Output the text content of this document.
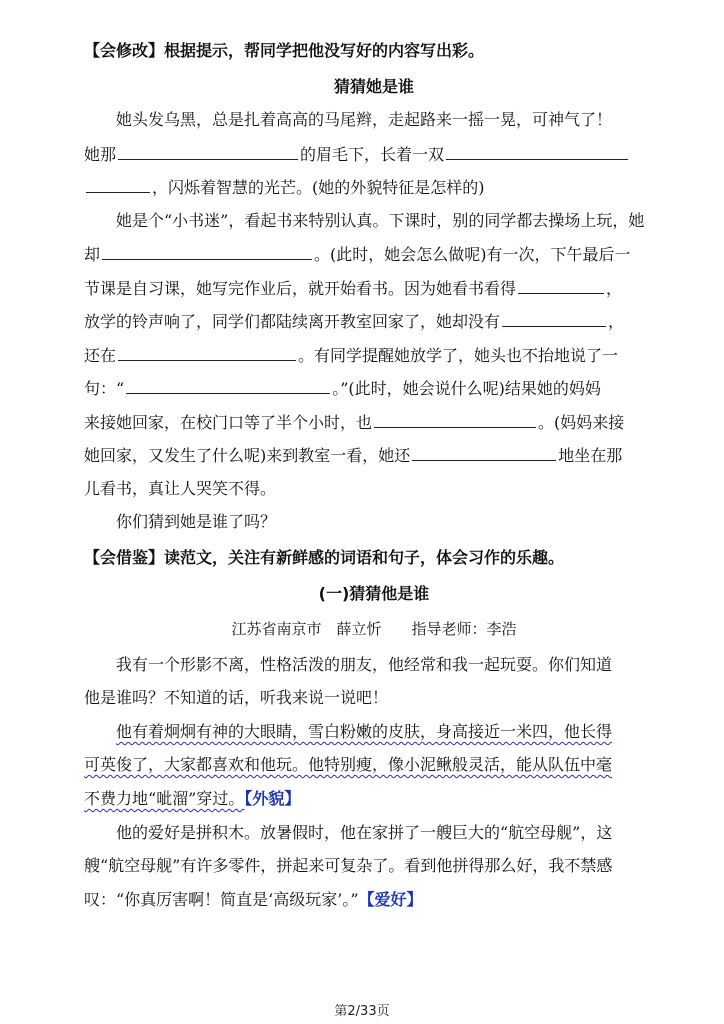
【会修改】根据提示，帮同学把他没写好的内容写出彩。
猜猜她是谁
她头发乌黑，总是扎着高高的马尾辫，走起路来一摇一晃，可神气了！
她那	的眉毛下，长着一双
，闪烁着智慧的光芒。(她的外貌特征是怎样的)
她是个“小书迷”，看起书来特别认真。下课时，别的同学都去操场上玩，她
却	。(此时，她会怎么做呢)有一次，下午最后一
节课是自习课，她写完作业后，就开始看书。因为她看书看得	，
放学的铃声响了，同学们都陆续离开教室回家了，她却没有	，
还在	。有同学提醒她放学了，她头也不抬地说了一
句：“	。”(此时，她会说什么呢)结果她的妈妈
来接她回家，在校门口等了半个小时，也	。(妈妈来接
她回家，又发生了什么呢)来到教室一看，她还	地坐在那
儿看书，真让人哭笑不得。
你们猜到她是谁了吗？
【会借鉴】读范文，关注有新鲜感的词语和句子，体会习作的乐趣。
(一)猜猜他是谁
江苏省南京市　薛立忻　　指导老师：李浩
我有一个形影不离，性格活泼的朋友，他经常和我一起玩耍。你们知道
他是谁吗？不知道的话，听我来说一说吧！
他有着炯炯有神的大眼睛，雪白粉嫩的皮肤，身高接近一米四，他长得
可英俊了，大家都喜欢和他玩。他特别瘦，像小泥鳅般灵活，能从队伍中毫
不费力地“呲溜”穿过。【外貌】
他的爱好是拼积木。放暑假时，他在家拼了一艘巨大的“航空母舰”，这
艘“航空母舰”有许多零件，拼起来可复杂了。看到他拼得那么好，我不禁感
叹：“你真厉害啊！简直是‘高级玩家’。”【爱好】
第2/33页
